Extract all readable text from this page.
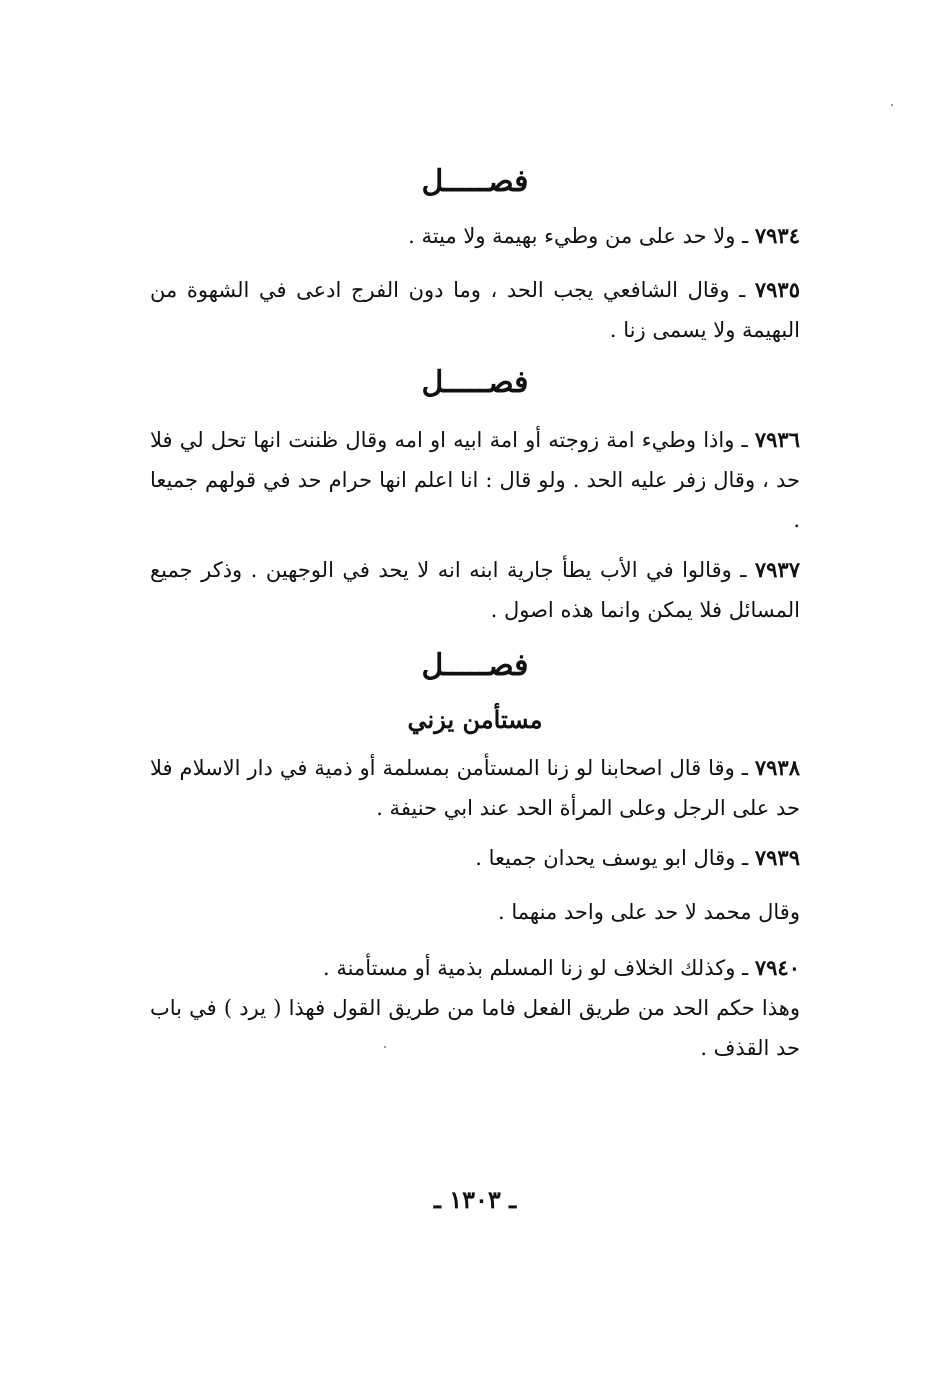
فصـــــل

٧٩٣٤ ـ ولا حد على من وطيء بهيمة ولا ميتة .

٧٩٣٥ ـ وقال الشافعي يجب الحد ، وما دون الفرج ادعى في الشهوة من البهيمة ولا يسمى زنا .

فصـــــل

٧٩٣٦ ـ واذا وطيء امة زوجته أو امة ابيه او امه وقال ظننت انها تحل لي فلا حد ، وقال زفر عليه الحد . ولو قال : انا اعلم انها حرام حد في قولهم جميعا .

٧٩٣٧ ـ وقالوا في الأب يطأ جارية ابنه انه لا يحد في الوجهين . وذكر جميع المسائل فلا يمكن وانما هذه اصول .

فصـــــل
مستأمن يزني

٧٩٣٨ ـ وقا قال اصحابنا لو زنا المستأمن بمسلمة أو ذمية في دار الاسلام فلا حد على الرجل وعلى المرأة الحد عند ابي حنيفة .

٧٩٣٩ ـ وقال ابو يوسف يحدان جميعا .

وقال محمد لا حد على واحد منهما .

٧٩٤٠ ـ وكذلك الخلاف لو زنا المسلم بذمية أو مستأمنة .

وهذا حكم الحد من طريق الفعل فاما من طريق القول فهذا ( يرد ) في باب حد القذف .

ـ ١٣٠٣ ـ
